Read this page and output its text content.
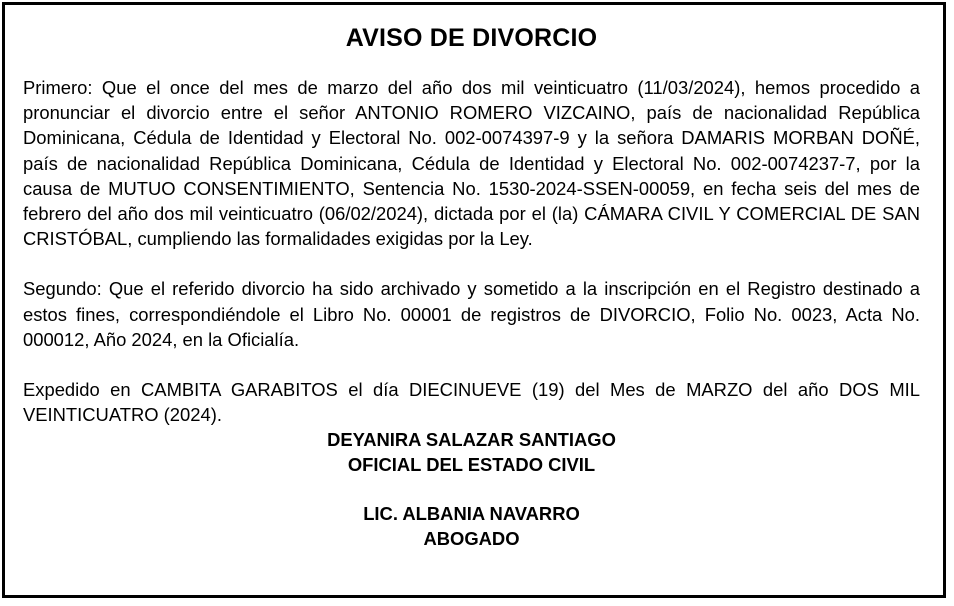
AVISO DE DIVORCIO

Primero: Que el once del mes de marzo del año dos mil veinticuatro (11/03/2024), hemos procedido a pronunciar el divorcio entre el señor ANTONIO ROMERO VIZCAINO, país de nacionalidad República Dominicana, Cédula de Identidad y Electoral No. 002-0074397-9 y la señora DAMARIS MORBAN DOÑÉ, país de nacionalidad República Dominicana, Cédula de Identidad y Electoral No. 002-0074237-7, por la causa de MUTUO CONSENTIMIENTO, Sentencia No. 1530-2024-SSEN-00059, en fecha seis del mes de febrero del año dos mil veinticuatro (06/02/2024), dictada por el (la) CÁMARA CIVIL Y COMERCIAL DE SAN CRISTÓBAL, cumpliendo las formalidades exigidas por la Ley.

Segundo: Que el referido divorcio ha sido archivado y sometido a la inscripción en el Registro destinado a estos fines, correspondiéndole el Libro No. 00001 de registros de DIVORCIO, Folio No. 0023, Acta No. 000012, Año 2024, en la Oficialía.

Expedido en CAMBITA GARABITOS el día DIECINUEVE (19) del Mes de MARZO del año DOS MIL VEINTICUATRO (2024).

DEYANIRA SALAZAR SANTIAGO

OFICIAL DEL ESTADO CIVIL

LIC. ALBANIA NAVARRO

ABOGADO
